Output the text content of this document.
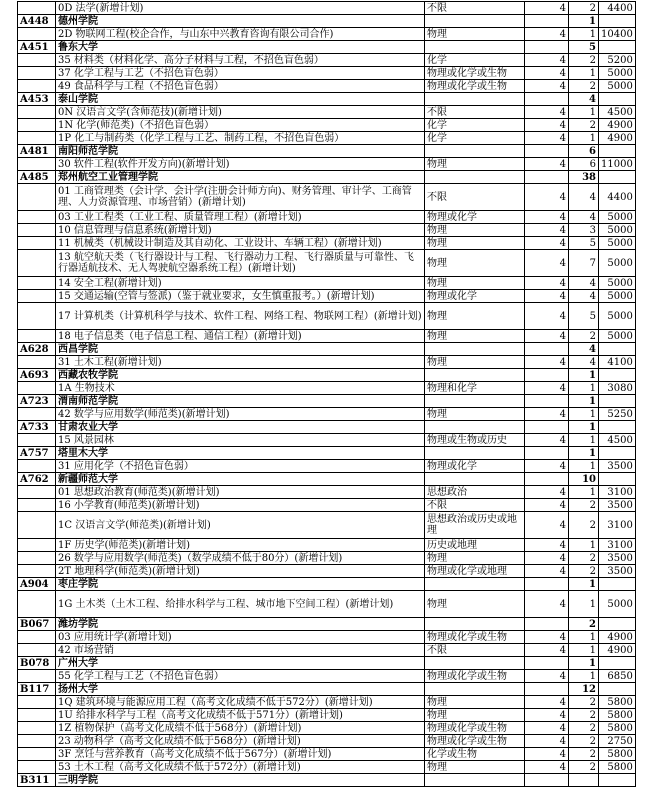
	0D 法学(新增计划)	不限	4	2	4400
A448	德州学院			1	
	2D 物联网工程(校企合作，与山东中兴教育咨询有限公司合作)	物理	4	1	10400
A451	鲁东大学			5	
	35 材料类（材料化学、高分子材料与工程，不招色盲色弱）	化学	4	2	5200
	37 化学工程与工艺（不招色盲色弱）	物理或化学或生物	4	1	5000
	49 食品科学与工程（不招色盲色弱）	物理或化学或生物	4	2	5000
A453	泰山学院			4	
	0N 汉语言文学(含师范技)(新增计划)	不限	4	1	4500
	1N 化学(师范类)（不招色盲色弱）	化学	4	2	4900
	1P 化工与制药类（化学工程与工艺、制药工程，不招色盲色弱）	化学	4	1	4900
A481	南阳师范学院			6	
	30 软件工程(软件开发方向)(新增计划)	物理	4	6	11000
A485	郑州航空工业管理学院			38	
	01 工商管理类（会计学、会计学(注册会计师方向)、财务管理、审计学、工商管理、人力资源管理、市场营销）(新增计划)	不限	4	4	4400
	03 工业工程类（工业工程、质量管理工程）(新增计划)	物理或化学	4	4	5000
	10 信息管理与信息系统(新增计划)	物理	4	3	5000
	11 机械类（机械设计制造及其自动化、工业设计、车辆工程）(新增计划)	物理	4	5	5000
	13 航空航天类（飞行器设计与工程、飞行器动力工程、飞行器质量与可靠性、飞行器适航技术、无人驾驶航空器系统工程）(新增计划)	物理	4	7	5000
	14 安全工程(新增计划)	物理	4	4	5000
	15 交通运输(空管与签派)（鉴于就业要求，女生慎重报考。）(新增计划)	物理或化学	4	4	5000
	17 计算机类（计算机科学与技术、软件工程、网络工程、物联网工程）(新增计划)	物理	4	5	5000
	18 电子信息类（电子信息工程、通信工程）(新增计划)	物理	4	2	5000
A628	西昌学院			4	
	31 土木工程(新增计划)	物理	4	4	4100
A693	西藏农牧学院			1	
	1A 生物技术	物理和化学	4	1	3080
A723	渭南师范学院			1	
	42 数学与应用数学(师范类)(新增计划)	物理	4	1	5250
A733	甘肃农业大学			1	
	15 风景园林	物理或生物或历史	4	1	4500
A757	塔里木大学			1	
	31 应用化学（不招色盲色弱）	物理或化学	4	1	3500
A762	新疆师范大学			10	
	01 思想政治教育(师范类)(新增计划)	思想政治	4	1	3100
	16 小学教育(师范类)(新增计划)	不限	4	2	3500
	1C 汉语言文学(师范类)(新增计划)	思想政治或历史或地理	4	2	3100
	1F 历史学(师范类)(新增计划)	历史或地理	4	1	3100
	26 数学与应用数学(师范类)（数学成绩不低于80分）(新增计划)	物理	4	2	3500
	2T 地理科学(师范类)(新增计划)	物理或化学或地理	4	2	3500
A904	枣庄学院			1	
	1G 土木类（土木工程、给排水科学与工程、城市地下空间工程）(新增计划)	物理	4	1	5000
B067	潍坊学院			2	
	03 应用统计学(新增计划)	物理或化学或生物	4	1	4900
	42 市场营销	不限	4	1	4900
B078	广州大学			1	
	55 化学工程与工艺（不招色盲色弱）	物理或化学或生物	4	1	6850
B117	扬州大学			12	
	1Q 建筑环境与能源应用工程（高考文化成绩不低于572分）(新增计划)	物理	4	2	5800
	1U 给排水科学与工程（高考文化成绩不低于571分）(新增计划)	物理	4	2	5800
	1Z 植物保护（高考文化成绩不低于568分）(新增计划)	物理或化学或生物	4	2	5800
	23 动物科学（高考文化成绩不低于568分）(新增计划)	物理或化学或生物	4	2	2750
	3F 烹饪与营养教育（高考文化成绩不低于567分）(新增计划)	化学或生物	4	2	5800
	53 土木工程（高考文化成绩不低于572分）(新增计划)	物理	4	2	5800
B311	三明学院				
